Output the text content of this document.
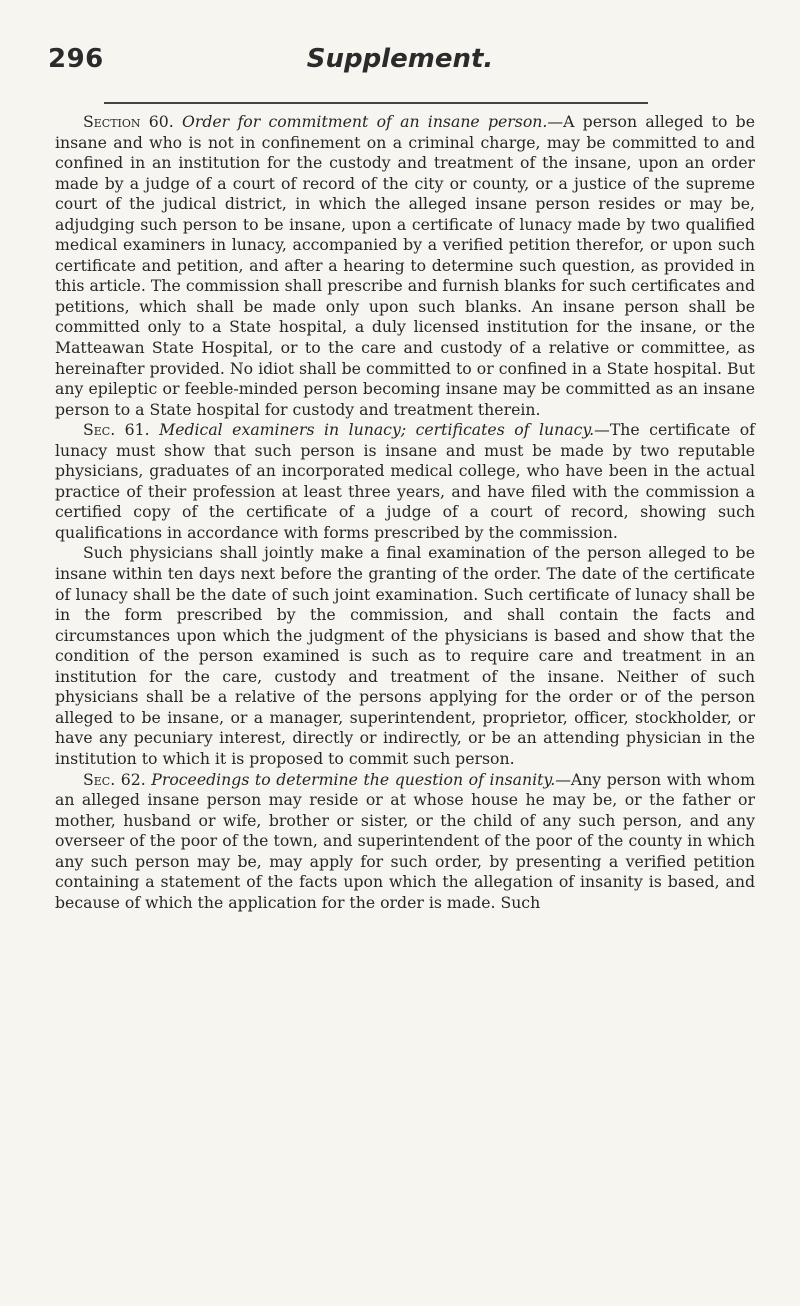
296	Supplement.

Section 60. Order for commitment of an insane person.—A person alleged to be insane and who is not in confinement on a criminal charge, may be committed to and confined in an institution for the custody and treatment of the insane, upon an order made by a judge of a court of record of the city or county, or a justice of the supreme court of the judical district, in which the alleged insane person resides or may be, adjudging such person to be insane, upon a certificate of lunacy made by two qualified medical examiners in lunacy, accompanied by a verified petition therefor, or upon such certificate and petition, and after a hearing to determine such question, as provided in this article. The commission shall prescribe and furnish blanks for such certificates and petitions, which shall be made only upon such blanks. An insane person shall be committed only to a State hospital, a duly licensed institution for the insane, or the Matteawan State Hospital, or to the care and custody of a relative or committee, as hereinafter provided. No idiot shall be committed to or confined in a State hospital. But any epileptic or feeble-minded person becoming insane may be committed as an insane person to a State hospital for custody and treatment therein.

Sec. 61. Medical examiners in lunacy; certificates of lunacy.—The certificate of lunacy must show that such person is insane and must be made by two reputable physicians, graduates of an incorporated medical college, who have been in the actual practice of their profession at least three years, and have filed with the commission a certified copy of the certificate of a judge of a court of record, showing such qualifications in accordance with forms prescribed by the commission.

Such physicians shall jointly make a final examination of the person alleged to be insane within ten days next before the granting of the order. The date of the certificate of lunacy shall be the date of such joint examination. Such certificate of lunacy shall be in the form prescribed by the commission, and shall contain the facts and circumstances upon which the judgment of the physicians is based and show that the condition of the person examined is such as to require care and treatment in an institution for the care, custody and treatment of the insane. Neither of such physicians shall be a relative of the persons applying for the order or of the person alleged to be insane, or a manager, superintendent, proprietor, officer, stockholder, or have any pecuniary interest, directly or indirectly, or be an attending physician in the institution to which it is proposed to commit such person.

Sec. 62. Proceedings to determine the question of insanity.—Any person with whom an alleged insane person may reside or at whose house he may be, or the father or mother, husband or wife, brother or sister, or the child of any such person, and any overseer of the poor of the town, and superintendent of the poor of the county in which any such person may be, may apply for such order, by presenting a verified petition containing a statement of the facts upon which the allegation of insanity is based, and because of which the application for the order is made. Such
